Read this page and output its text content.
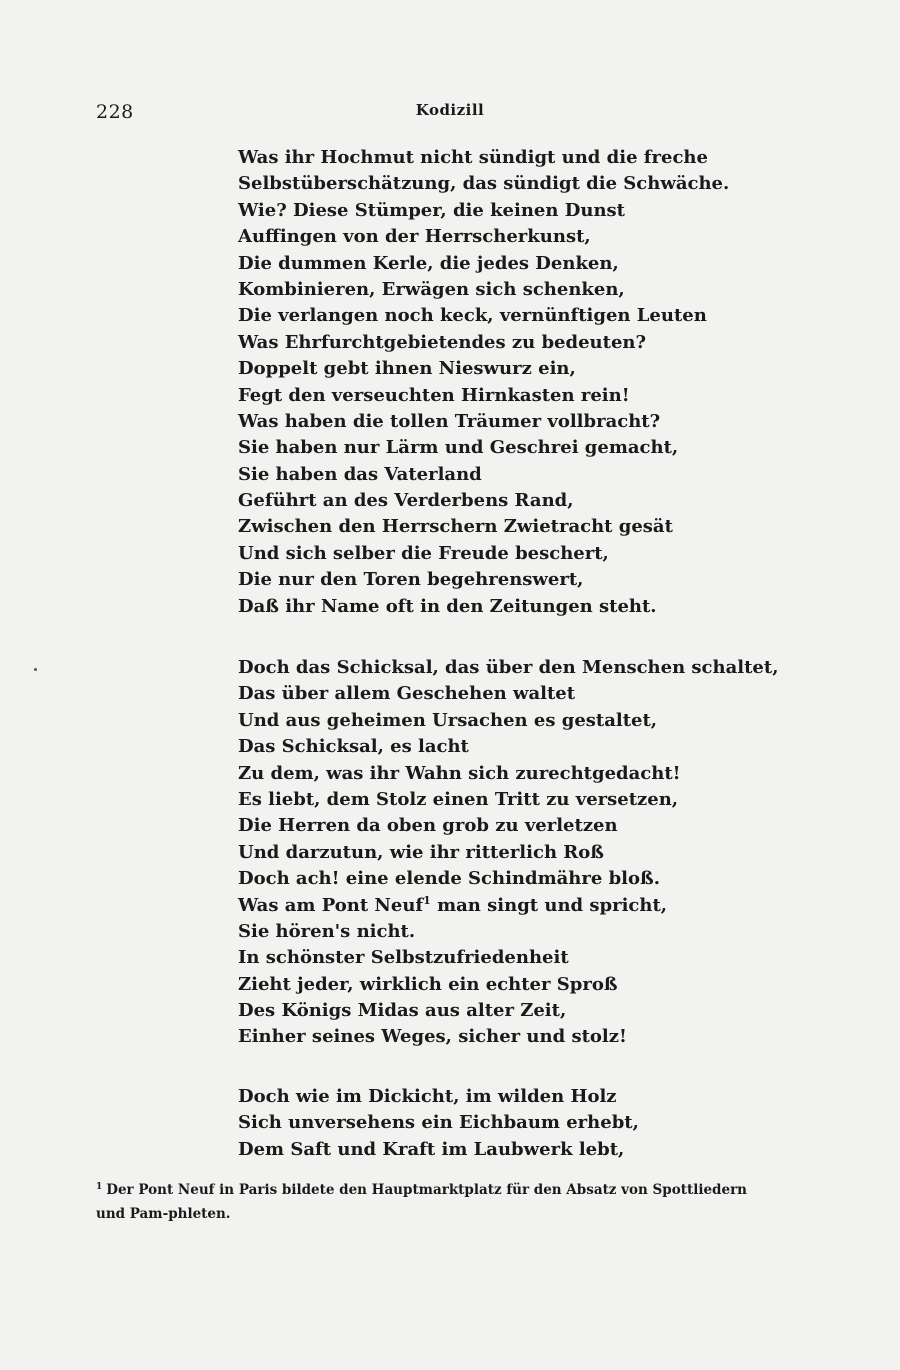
228	Kodizill
Was ihr Hochmut nicht sündigt und die freche
Selbstüberschätzung, das sündigt die Schwäche.
Wie? Diese Stümper, die keinen Dunst
Auffingen von der Herrscherkunst,
Die dummen Kerle, die jedes Denken,
Kombinieren, Erwägen sich schenken,
Die verlangen noch keck, vernünftigen Leuten
Was Ehrfurchtgebietendes zu bedeuten?
Doppelt gebt ihnen Nieswurz ein,
Fegt den verseuchten Hirnkasten rein!
Was haben die tollen Träumer vollbracht?
Sie haben nur Lärm und Geschrei gemacht,
Sie haben das Vaterland
Geführt an des Verderbens Rand,
Zwischen den Herrschern Zwietracht gesät
Und sich selber die Freude beschert,
Die nur den Toren begehrenswert,
Daß ihr Name oft in den Zeitungen steht.
Doch das Schicksal, das über den Menschen schaltet,
Das über allem Geschehen waltet
Und aus geheimen Ursachen es gestaltet,
Das Schicksal, es lacht
Zu dem, was ihr Wahn sich zurechtgedacht!
Es liebt, dem Stolz einen Tritt zu versetzen,
Die Herren da oben grob zu verletzen
Und darzutun, wie ihr ritterlich Roß
Doch ach! eine elende Schindmähre bloß.
Was am Pont Neuf$^1$ man singt und spricht,
Sie hören's nicht.
In schönster Selbstzufriedenheit
Zieht jeder, wirklich ein echter Sproß
Des Königs Midas aus alter Zeit,
Einher seines Weges, sicher und stolz!
Doch wie im Dickicht, im wilden Holz
Sich unversehens ein Eichbaum erhebt,
Dem Saft und Kraft im Laubwerk lebt,
$^1$ Der Pont Neuf in Paris bildete den Hauptmarktplatz für den Absatz von Spottliedern und Pam-phleten.
